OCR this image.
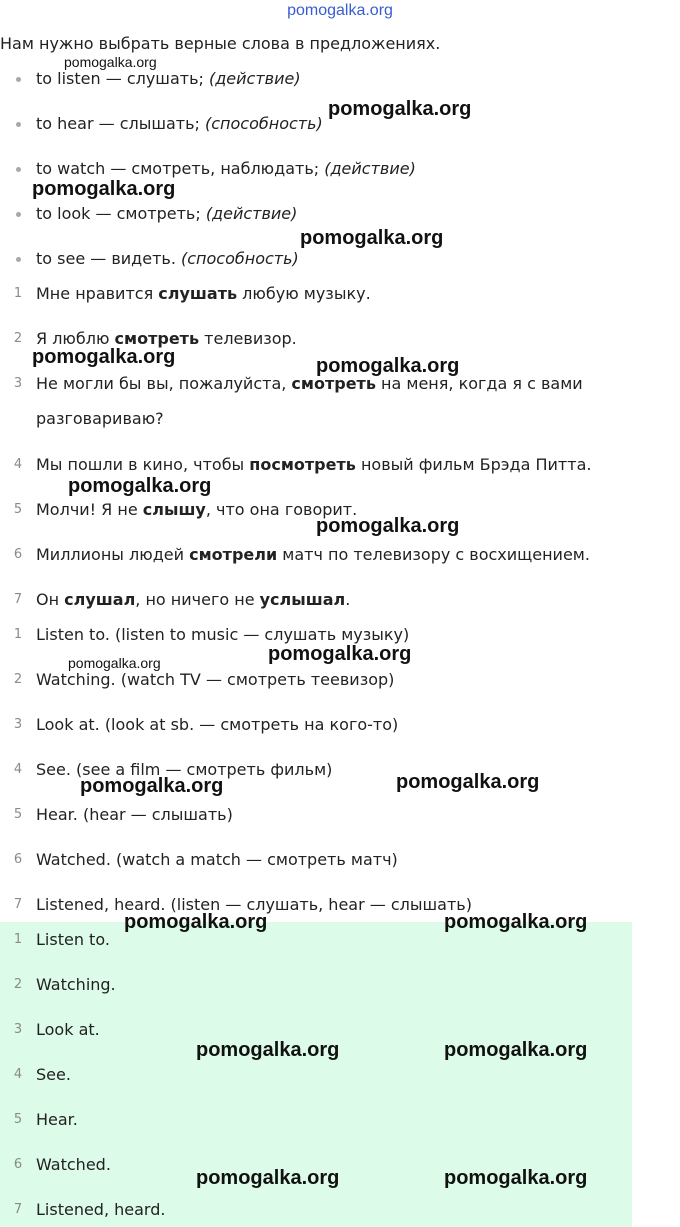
pomogalka.org
Нам нужно выбрать верные слова в предложениях.
to listen — слушать; (действие)
to hear — слышать; (способность)
to watch — смотреть, наблюдать; (действие)
to look — смотреть; (действие)
to see — видеть. (способность)
1 Мне нравится слушать любую музыку.
2 Я люблю смотреть телевизор.
3 Не могли бы вы, пожалуйста, смотреть на меня, когда я с вами
разговариваю?
4 Мы пошли в кино, чтобы посмотреть новый фильм Брэда Питта.
5 Молчи! Я не слышу, что она говорит.
6 Миллионы людей смотрели матч по телевизору с восхищением.
7 Он слушал, но ничего не услышал.
1 Listen to. (listen to music — слушать музыку)
2 Watching. (watch TV — смотреть теевизор)
3 Look at. (look at sb. — смотреть на кого-то)
4 See. (see a film — смотреть фильм)
5 Hear. (hear — слышать)
6 Watched. (watch a match — смотреть матч)
7 Listened, heard. (listen — слушать, hear — слышать)
1 Listen to.
2 Watching.
3 Look at.
4 See.
5 Hear.
6 Watched.
7 Listened, heard.
pomogalka.org
pomogalka.org
pomogalka.org
pomogalka.org
pomogalka.org	pomogalka.org
pomogalka.org
pomogalka.org
pomogalka.org	pomogalka.org
pomogalka.org	pomogalka.org
pomogalka.org	pomogalka.org
pomogalka.org	pomogalka.org
pomogalka.org	pomogalka.org
